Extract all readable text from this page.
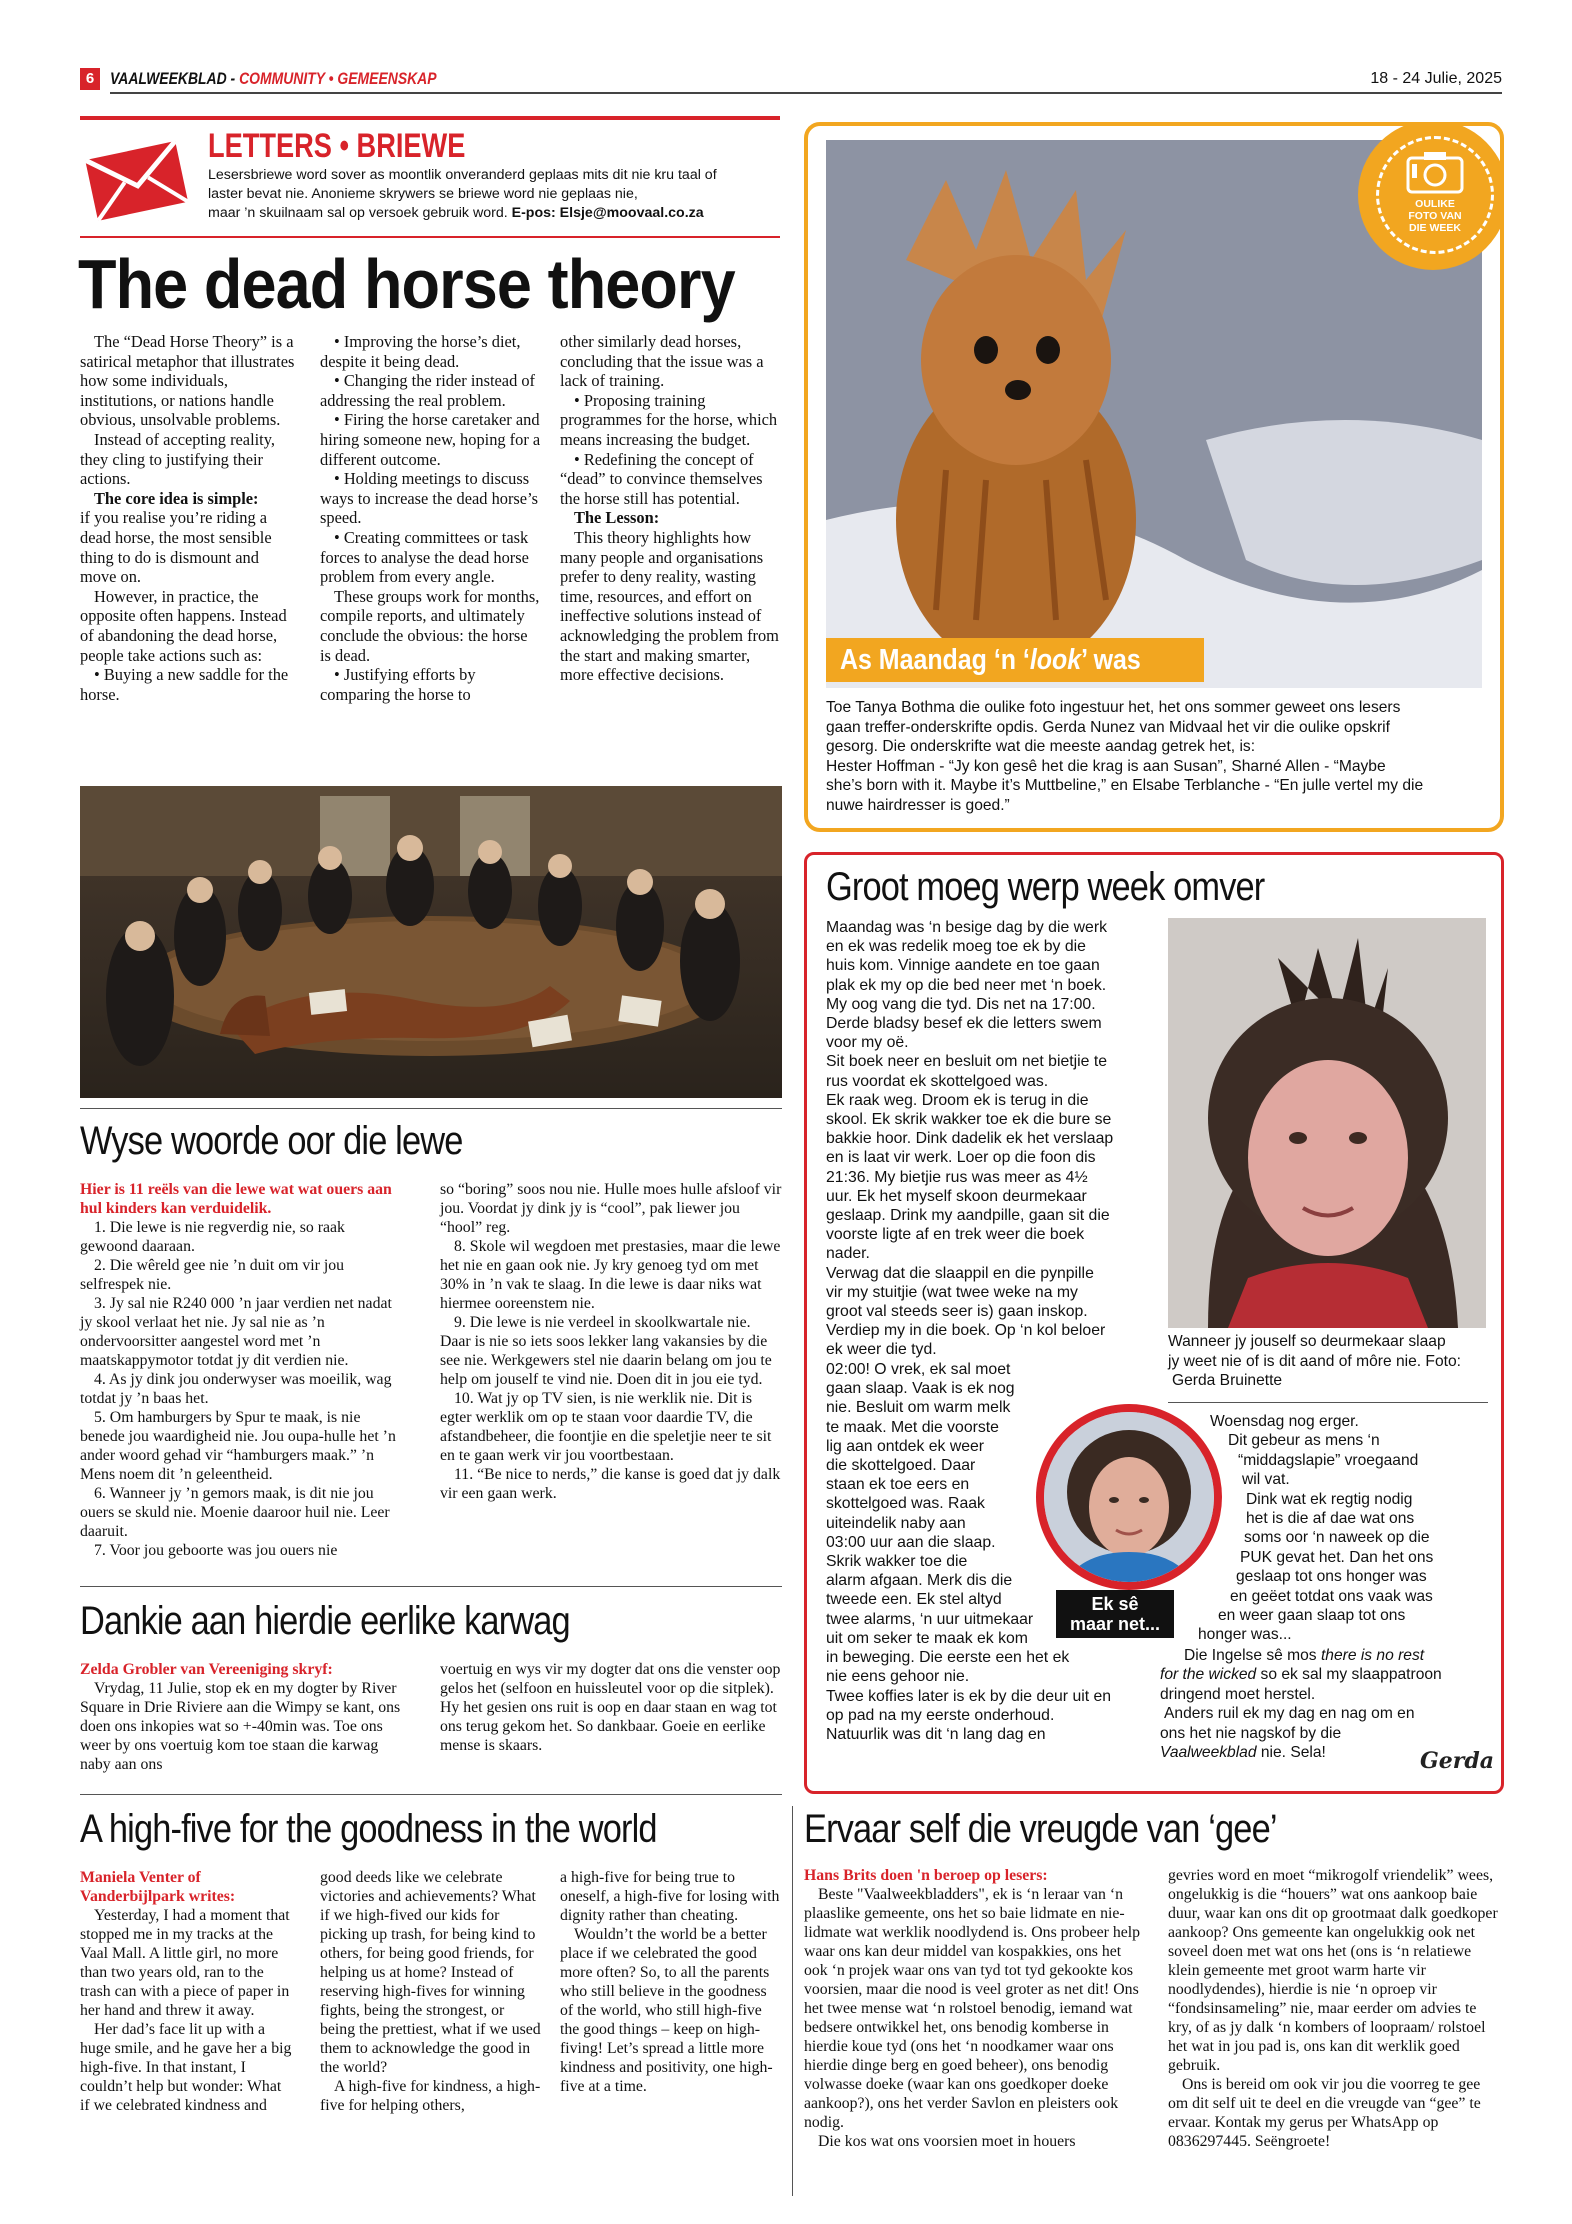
6 VAALWEEKBLAD - COMMUNITY • GEMEENSKAP	18 - 24 Julie, 2025
LETTERS • BRIEWE
Lesersbriewe word sover as moontlik onveranderd geplaas mits dit nie kru taal of
laster bevat nie. Anonieme skrywers se briewe word nie geplaas nie,
maar ’n skuilnaam sal op versoek gebruik word. E-pos: Elsje@moovaal.co.za
The dead horse theory

The “Dead Horse Theory” is a satirical metaphor that illustrates how some individuals, institutions, or nations handle obvious, unsolvable problems.

Instead of accepting reality, they cling to justifying their actions.

The core idea is simple:

if you realise you’re riding a dead horse, the most sensible thing to do is dismount and move on.

However, in practice, the opposite often happens. Instead of abandoning the dead horse, people take actions such as:

• Buying a new saddle for the horse.

• Improving the horse’s diet, despite it being dead.

• Changing the rider instead of addressing the real problem.

• Firing the horse caretaker and hiring someone new, hoping for a different outcome.

• Holding meetings to discuss ways to increase the dead horse’s speed.

• Creating committees or task forces to analyse the dead horse problem from every angle.

These groups work for months, compile reports, and ultimately conclude the obvious: the horse is dead.

• Justifying efforts by comparing the horse to

other similarly dead horses, concluding that the issue was a lack of training.

• Proposing training programmes for the horse, which means increasing the budget.

• Redefining the concept of “dead” to convince themselves the horse still has potential.

The Lesson:

This theory highlights how many people and organisations prefer to deny reality, wasting time, resources, and effort on ineffective solutions instead of acknowledging the problem from the start and making smarter, more effective decisions.

Wyse woorde oor die lewe

Hier is 11 reëls van die lewe wat wat ouers aan hul kinders kan verduidelik.

1. Die lewe is nie regverdig nie, so raak gewoond daaraan.

2. Die wêreld gee nie ’n duit om vir jou selfrespek nie.

3. Jy sal nie R240 000 ’n jaar verdien net nadat jy skool verlaat het nie. Jy sal nie as ’n ondervoorsitter aangestel word met ’n maatskappymotor totdat jy dit verdien nie.

4. As jy dink jou onderwyser was moeilik, wag totdat jy ’n baas het.

5. Om hamburgers by Spur te maak, is nie benede jou waardigheid nie. Jou oupa-hulle het ’n ander woord gehad vir “hamburgers maak.” ’n Mens noem dit ’n geleentheid.

6. Wanneer jy ’n gemors maak, is dit nie jou ouers se skuld nie. Moenie daaroor huil nie. Leer daaruit.

7. Voor jou geboorte was jou ouers nie

so “boring” soos nou nie. Hulle moes hulle afsloof vir jou. Voordat jy dink jy is “cool”, pak liewer jou “hool” reg.

8. Skole wil wegdoen met prestasies, maar die lewe het nie en gaan ook nie. Jy kry genoeg tyd om met 30% in ’n vak te slaag. In die lewe is daar niks wat hiermee ooreenstem nie.

9. Die lewe is nie verdeel in skoolkwartale nie. Daar is nie so iets soos lekker lang vakansies by die see nie. Werkgewers stel nie daarin belang om jou te help om jouself te vind nie. Doen dit in jou eie tyd.

10. Wat jy op TV sien, is nie werklik nie. Dit is egter werklik om op te staan voor daardie TV, die afstandbeheer, die foontjie en die speletjie neer te sit en te gaan werk vir jou voortbestaan.

11. “Be nice to nerds,” die kanse is goed dat jy dalk vir een gaan werk.

Dankie aan hierdie eerlike karwag

Zelda Grobler van Vereeniging skryf:

Vrydag, 11 Julie, stop ek en my dogter by River Square in Drie Riviere aan die Wimpy se kant, ons doen ons inkopies wat so +-40min was. Toe ons weer by ons voertuig kom toe staan die karwag naby aan ons

voertuig en wys vir my dogter dat ons die venster oop gelos het (selfoon en huissleutel voor op die sitplek). Hy het gesien ons ruit is oop en daar staan en wag tot ons terug gekom het. So dankbaar. Goeie en eerlike mense is skaars.

A high-five for the goodness in the world

Maniela Venter of Vanderbijlpark writes:

Yesterday, I had a moment that stopped me in my tracks at the Vaal Mall. A little girl, no more than two years old, ran to the trash can with a piece of paper in her hand and threw it away.

Her dad’s face lit up with a huge smile, and he gave her a big high-five. In that instant, I couldn’t help but wonder: What if we celebrated kindness and

good deeds like we celebrate victories and achievements? What if we high-fived our kids for picking up trash, for being kind to others, for being good friends, for helping us at home? Instead of reserving high-fives for winning fights, being the strongest, or being the prettiest, what if we used them to acknowledge the good in the world?

A high-five for kindness, a high-five for helping others,

a high-five for being true to oneself, a high-five for losing with dignity rather than cheating.

Wouldn’t the world be a better place if we celebrated the good more often? So, to all the parents who still believe in the goodness of the world, who still high-five the good things – keep on high-fiving! Let’s spread a little more kindness and positivity, one high-five at a time.

OULIKE
FOTO VAN
DIE WEEK
As Maandag ‘n ‘look’ was

Toe Tanya Bothma die oulike foto ingestuur het, het ons sommer geweet ons lesers

gaan treffer-onderskrifte opdis. Gerda Nunez van Midvaal het vir die oulike opskrif

gesorg. Die onderskrifte wat die meeste aandag getrek het, is:

Hester Hoffman - “Jy kon gesê het die krag is aan Susan”, Sharné Allen - “Maybe

she’s born with it. Maybe it’s Muttbeline,” en Elsabe Terblanche - “En julle vertel my die

nuwe hairdresser is goed.”

Groot moeg werp week omver

Maandag was ‘n besige dag by die werk

en ek was redelik moeg toe ek by die

huis kom. Vinnige aandete en toe gaan

plak ek my op die bed neer met ‘n boek.

My oog vang die tyd. Dis net na 17:00.

Derde bladsy besef ek die letters swem

voor my oë.

Sit boek neer en besluit om net bietjie te

rus voordat ek skottelgoed was.

Ek raak weg. Droom ek is terug in die

skool. Ek skrik wakker toe ek die bure se

bakkie hoor. Dink dadelik ek het verslaap

en is laat vir werk. Loer op die foon dis

21:36. My bietjie rus was meer as 4½

uur. Ek het myself skoon deurmekaar

geslaap. Drink my aandpille, gaan sit die

voorste ligte af en trek weer die boek

nader.

Verwag dat die slaappil en die pynpille

vir my stuitjie (wat twee weke na my

groot val steeds seer is) gaan inskop.

Verdiep my in die boek. Op ‘n kol beloer

ek weer die tyd.

02:00! O vrek, ek sal moet

gaan slaap. Vaak is ek nog

nie. Besluit om warm melk

te maak. Met die voorste

lig aan ontdek ek weer

die skottelgoed. Daar

staan ek toe eers en

skottelgoed was. Raak

uiteindelik naby aan

03:00 uur aan die slaap.

Skrik wakker toe die

alarm afgaan. Merk dis die

tweede een. Ek stel altyd

twee alarms, ‘n uur uitmekaar

uit om seker te maak ek kom

in beweging. Die eerste een het ek

nie eens gehoor nie.

Twee koffies later is ek by die deur uit en

op pad na my eerste onderhoud.

Natuurlik was dit ‘n lang dag en

Wanneer jy jouself so deurmekaar slaap

jy weet nie of is dit aand of môre nie. Foto:

Gerda Bruinette

Ek sê
maar net...

Woensdag nog erger.

Dit gebeur as mens ‘n

“middagslapie” vroegaand

wil vat.

Dink wat ek regtig nodig

het is die af dae wat ons

soms oor ‘n naweek op die

PUK gevat het. Dan het ons

geslaap tot ons honger was

en geëet totdat ons vaak was

en weer gaan slaap tot ons

honger was...

Die Ingelse sê mos there is no rest

for the wicked so ek sal my slaappatroon

dringend moet herstel.

Anders ruil ek my dag en nag om en

ons het nie nagskof by die

Vaalweekblad nie. Sela!	Gerda
Ervaar self die vreugde van ‘gee’

Hans Brits doen 'n beroep op lesers:

Beste "Vaalweekbladders", ek is ‘n leraar van ‘n plaaslike gemeente, ons het so baie lidmate en nie-lidmate wat werklik noodlydend is. Ons probeer help waar ons kan deur middel van kospakkies, ons het ook ‘n projek waar ons van tyd tot tyd gekookte kos voorsien, maar die nood is veel groter as net dit! Ons het twee mense wat ‘n rolstoel benodig, iemand wat bedsere ontwikkel het, ons benodig komberse in hierdie koue tyd (ons het ‘n noodkamer waar ons hierdie dinge berg en goed beheer), ons benodig volwasse doeke (waar kan ons goedkoper doeke aankoop?), ons het verder Savlon en pleisters ook nodig.

Die kos wat ons voorsien moet in houers

gevries word en moet “mikrogolf vriendelik” wees, ongelukkig is die “houers” wat ons aankoop baie duur, waar kan ons dit op grootmaat dalk goedkoper aankoop? Ons gemeente kan ongelukkig ook net soveel doen met wat ons het (ons is ‘n relatiewe klein gemeente met groot warm harte vir noodlydendes), hierdie is nie ‘n oproep vir “fondsinsameling” nie, maar eerder om advies te kry, of as jy dalk ‘n kombers of loopraam/ rolstoel het wat in jou pad is, ons kan dit werklik goed gebruik.

Ons is bereid om ook vir jou die voorreg te gee om dit self uit te deel en die vreugde van “gee” te ervaar. Kontak my gerus per WhatsApp op 0836297445. Seëngroete!
